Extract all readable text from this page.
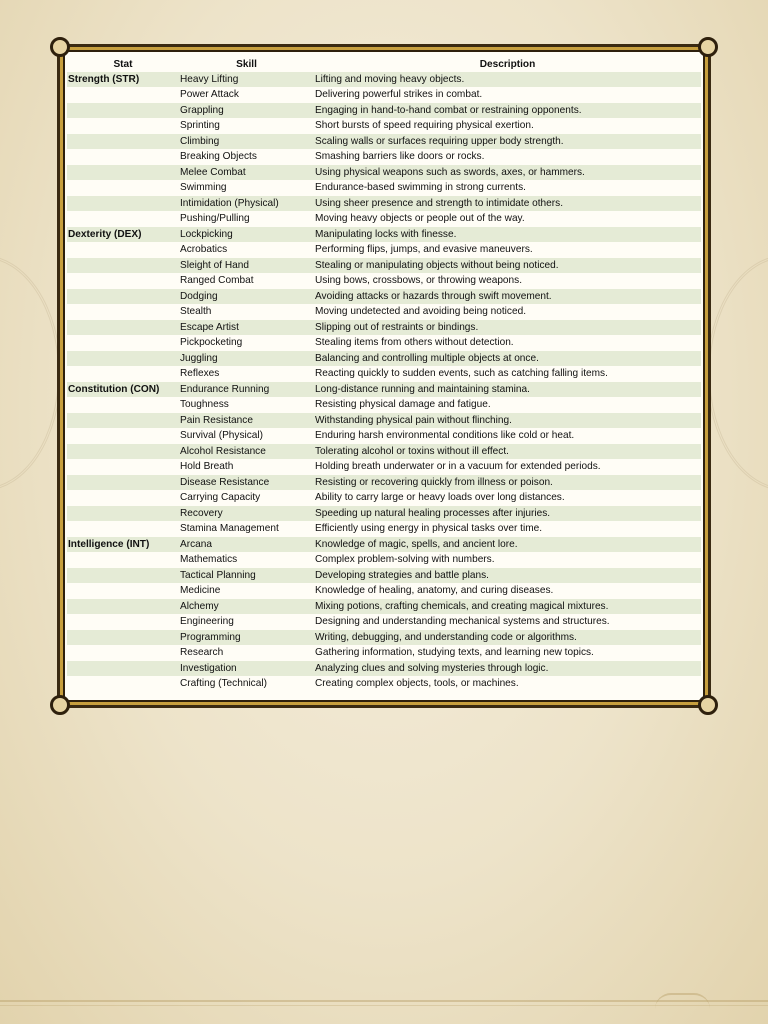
Stat	Skill	Description
Strength (STR)	Heavy Lifting	Lifting and moving heavy objects.
	Power Attack	Delivering powerful strikes in combat.
	Grappling	Engaging in hand-to-hand combat or restraining opponents.
	Sprinting	Short bursts of speed requiring physical exertion.
	Climbing	Scaling walls or surfaces requiring upper body strength.
	Breaking Objects	Smashing barriers like doors or rocks.
	Melee Combat	Using physical weapons such as swords, axes, or hammers.
	Swimming	Endurance-based swimming in strong currents.
	Intimidation (Physical)	Using sheer presence and strength to intimidate others.
	Pushing/Pulling	Moving heavy objects or people out of the way.
Dexterity (DEX)	Lockpicking	Manipulating locks with finesse.
	Acrobatics	Performing flips, jumps, and evasive maneuvers.
	Sleight of Hand	Stealing or manipulating objects without being noticed.
	Ranged Combat	Using bows, crossbows, or throwing weapons.
	Dodging	Avoiding attacks or hazards through swift movement.
	Stealth	Moving undetected and avoiding being noticed.
	Escape Artist	Slipping out of restraints or bindings.
	Pickpocketing	Stealing items from others without detection.
	Juggling	Balancing and controlling multiple objects at once.
	Reflexes	Reacting quickly to sudden events, such as catching falling items.
Constitution (CON)	Endurance Running	Long-distance running and maintaining stamina.
	Toughness	Resisting physical damage and fatigue.
	Pain Resistance	Withstanding physical pain without flinching.
	Survival (Physical)	Enduring harsh environmental conditions like cold or heat.
	Alcohol Resistance	Tolerating alcohol or toxins without ill effect.
	Hold Breath	Holding breath underwater or in a vacuum for extended periods.
	Disease Resistance	Resisting or recovering quickly from illness or poison.
	Carrying Capacity	Ability to carry large or heavy loads over long distances.
	Recovery	Speeding up natural healing processes after injuries.
	Stamina Management	Efficiently using energy in physical tasks over time.
Intelligence (INT)	Arcana	Knowledge of magic, spells, and ancient lore.
	Mathematics	Complex problem-solving with numbers.
	Tactical Planning	Developing strategies and battle plans.
	Medicine	Knowledge of healing, anatomy, and curing diseases.
	Alchemy	Mixing potions, crafting chemicals, and creating magical mixtures.
	Engineering	Designing and understanding mechanical systems and structures.
	Programming	Writing, debugging, and understanding code or algorithms.
	Research	Gathering information, studying texts, and learning new topics.
	Investigation	Analyzing clues and solving mysteries through logic.
	Crafting (Technical)	Creating complex objects, tools, or machines.
